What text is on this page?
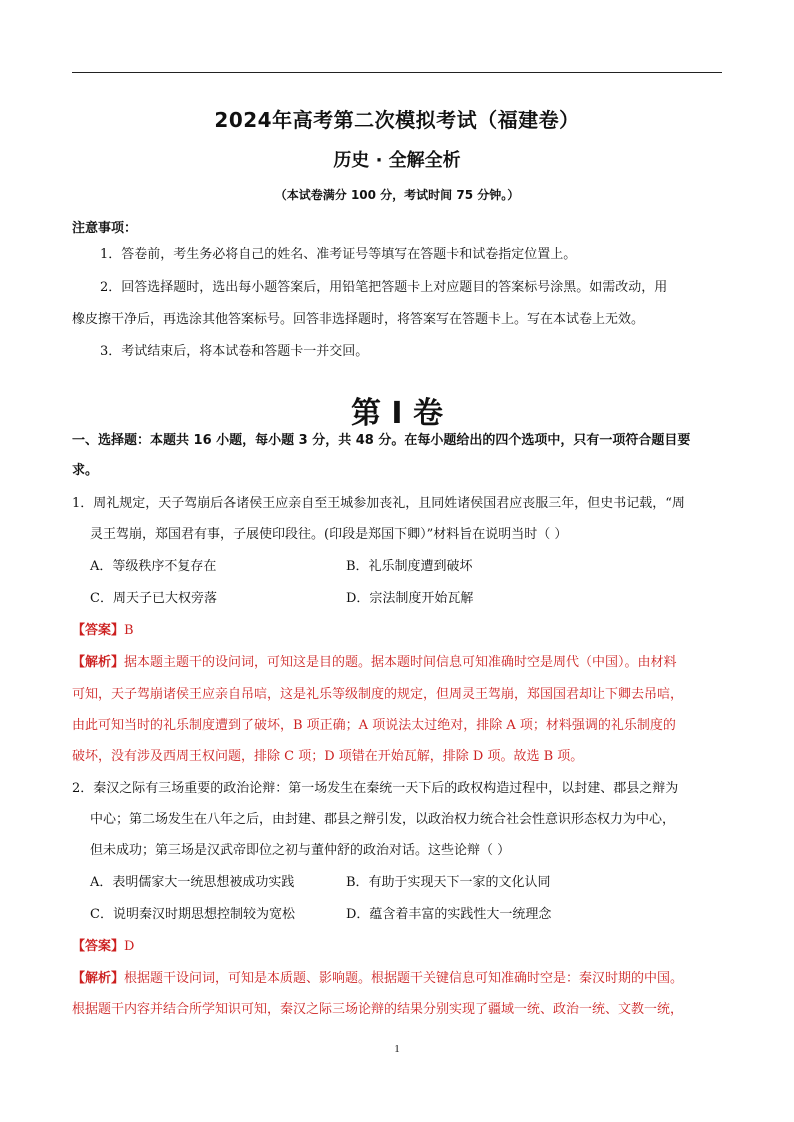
2024年高考第二次模拟考试（福建卷）
历史 · 全解全析
（本试卷满分 100 分，考试时间 75 分钟。）
注意事项：
1．答卷前，考生务必将自己的姓名、准考证号等填写在答题卡和试卷指定位置上。
2．回答选择题时，选出每小题答案后，用铅笔把答题卡上对应题目的答案标号涂黑。如需改动，用
橡皮擦干净后，再选涂其他答案标号。回答非选择题时，将答案写在答题卡上。写在本试卷上无效。
3．考试结束后，将本试卷和答题卡一并交回。
第 I 卷
一、选择题：本题共 16 小题，每小题 3 分，共 48 分。在每小题给出的四个选项中，只有一项符合题目要
求。
1．周礼规定，天子驾崩后各诸侯王应亲自至王城参加丧礼，且同姓诸侯国君应丧服三年，但史书记载，“周
灵王驾崩，郑国君有事，子展使印段往。(印段是郑国下卿）”材料旨在说明当时（ ）
A．等级秩序不复存在	B．礼乐制度遭到破坏
C．周天子已大权旁落	D．宗法制度开始瓦解
【答案】B
【解析】据本题主题干的设问词，可知这是目的题。据本题时间信息可知准确时空是周代（中国）。由材料
可知，天子驾崩诸侯王应亲自吊唁，这是礼乐等级制度的规定，但周灵王驾崩，郑国国君却让下卿去吊唁，
由此可知当时的礼乐制度遭到了破坏，B 项正确；A 项说法太过绝对，排除 A 项；材料强调的礼乐制度的
破坏，没有涉及西周王权问题，排除 C 项；D 项错在开始瓦解，排除 D 项。故选 B 项。
2．秦汉之际有三场重要的政治论辩：第一场发生在秦统一天下后的政权构造过程中，以封建、郡县之辩为
中心；第二场发生在八年之后，由封建、郡县之辩引发，以政治权力统合社会性意识形态权力为中心，
但未成功；第三场是汉武帝即位之初与董仲舒的政治对话。这些论辩（ ）
A．表明儒家大一统思想被成功实践	B．有助于实现天下一家的文化认同
C．说明秦汉时期思想控制较为宽松	D．蕴含着丰富的实践性大一统理念
【答案】D
【解析】根据题干设问词，可知是本质题、影响题。根据题干关键信息可知准确时空是：秦汉时期的中国。
根据题干内容并结合所学知识可知，秦汉之际三场论辩的结果分别实现了疆域一统、政治一统、文教一统，
1
